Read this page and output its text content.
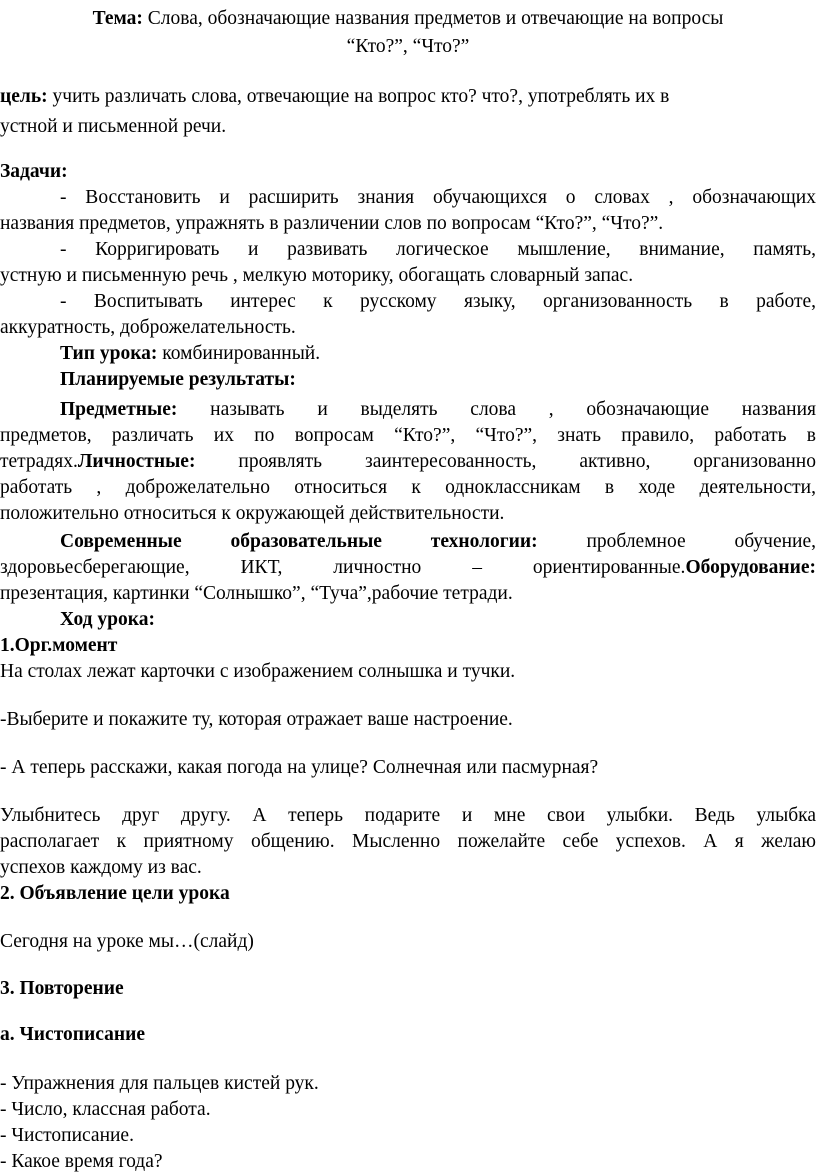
Тема: Слова, обозначающие названия предметов и отвечающие на вопросы
“Кто?”, “Что?”
цель: учить различать слова, отвечающие на вопрос кто? что?, употреблять их в
устной и письменной речи.
Задачи:
- Восстановить и расширить знания обучающихся о словах , обозначающих
названия предметов, упражнять в различении слов по вопросам “Кто?”, “Что?”.
- Корригировать и развивать логическое мышление, внимание, память,
устную и письменную речь , мелкую моторику, обогащать словарный запас.
- Воспитывать интерес к русскому языку, организованность в работе,
аккуратность, доброжелательность.
Тип урока: комбинированный.
Планируемые результаты:
Предметные: называть и выделять слова , обозначающие названия
предметов, различать их по вопросам “Кто?”, “Что?”, знать правило, работать в
тетрадях.Личностные: проявлять заинтересованность, активно, организованно
работать , доброжелательно относиться к одноклассникам в ходе деятельности,
положительно относиться к окружающей действительности.
Современные образовательные технологии: проблемное обучение,
здоровьесберегающие, ИКТ, личностно – ориентированные.Оборудование:
презентация, картинки “Солнышко”, “Туча”,рабочие тетради.
Ход урока:
1.Орг.момент
На столах лежат карточки с изображением солнышка и тучки.
-Выберите и покажите ту, которая отражает ваше настроение.
- А теперь расскажи, какая погода на улице? Солнечная или пасмурная?
Улыбнитесь друг другу. А теперь подарите и мне свои улыбки. Ведь улыбка
располагает к приятному общению. Мысленно пожелайте себе успехов. А я желаю
успехов каждому из вас.
2. Объявление цели урока
Сегодня на уроке мы…(слайд)
3. Повторение
а. Чистописание
- Упражнения для пальцев кистей рук.
- Число, классная работа.
- Чистописание.
- Какое время года?
